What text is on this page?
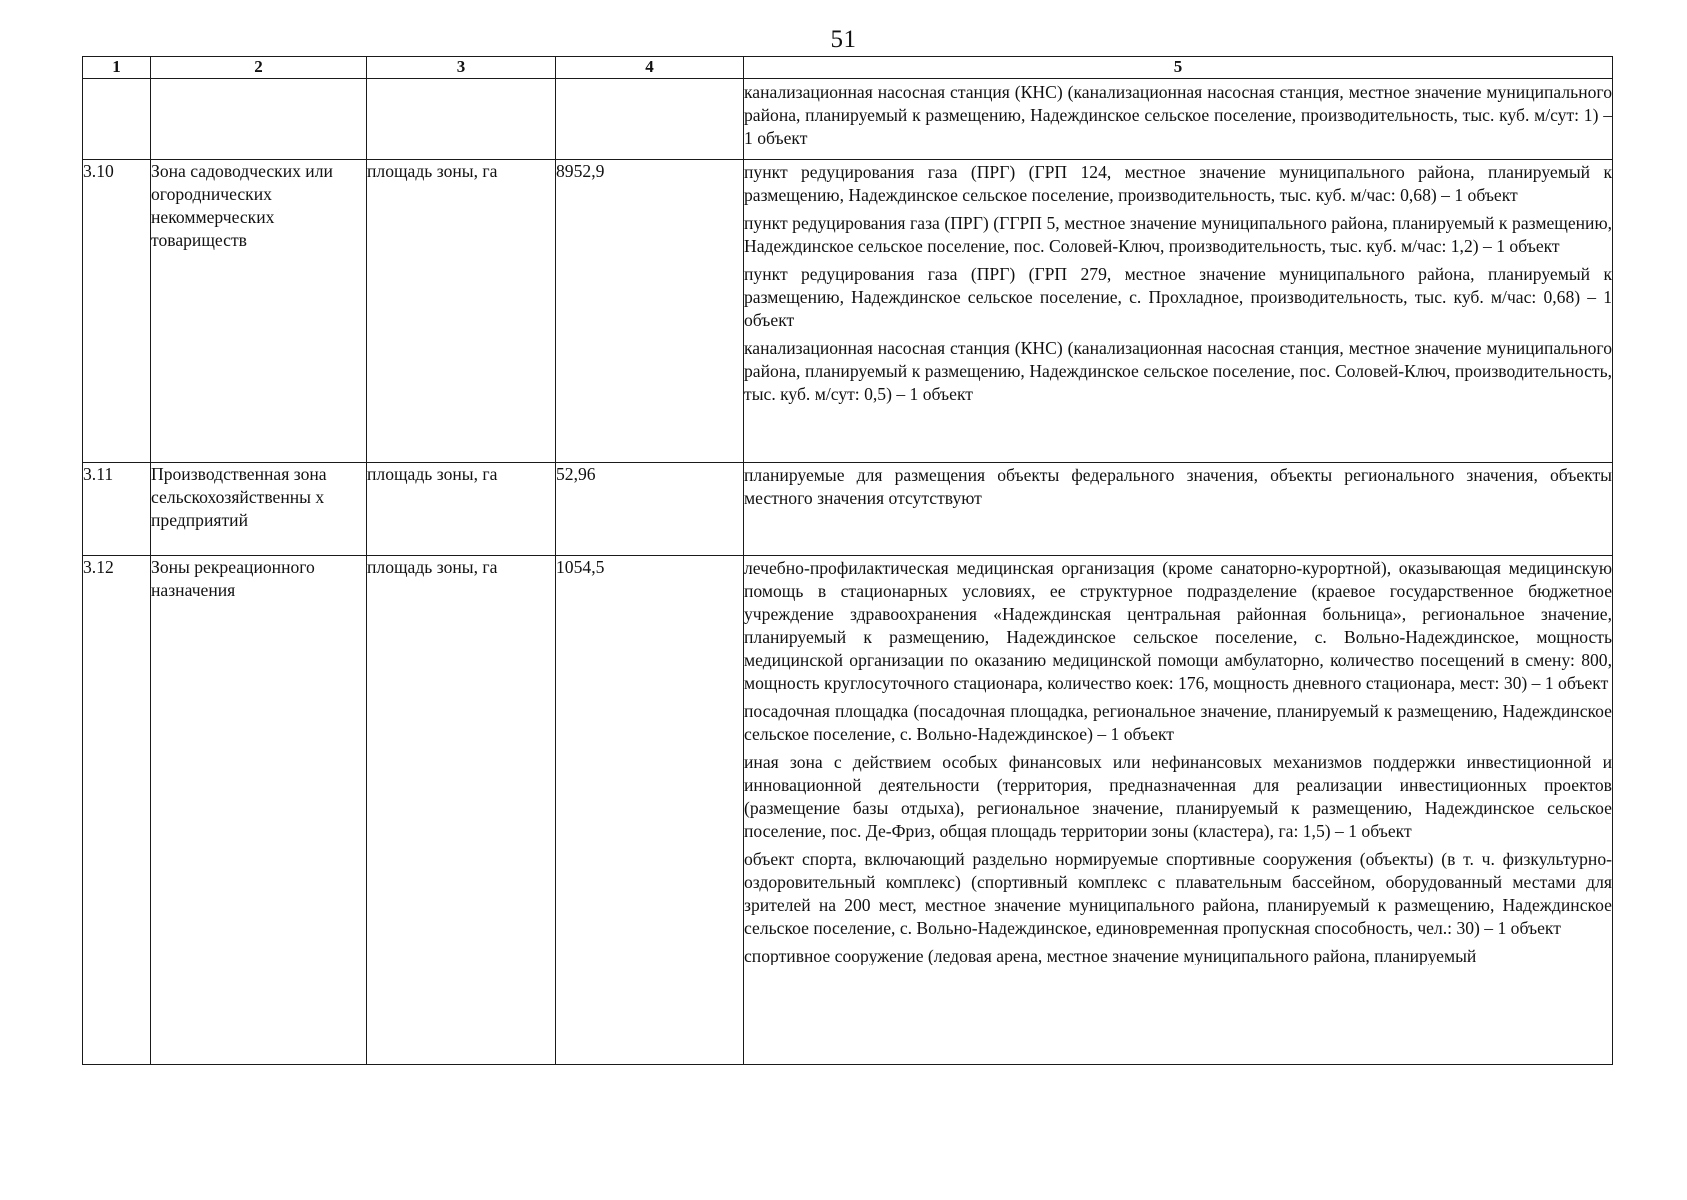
51
1	2	3	4	5

				канализационная насосная станция (КНС) (канализационная насосная станция, местное значение муниципального района, планируемый к размещению, Надеждинское сельское поселение, производительность, тыс. куб. м/сут: 1) – 1 объект

3.10	Зона садоводческих или огороднических некоммерческих товариществ	площадь зоны, га	8952,9	пункт редуцирования газа (ПРГ) (ГРП 124, местное значение муниципального района, планируемый к размещению, Надеждинское сельское поселение, производительность, тыс. куб. м/час: 0,68) – 1 объект
пункт редуцирования газа (ПРГ) (ГГРП 5, местное значение муниципального района, планируемый к размещению, Надеждинское сельское поселение, пос. Соловей-Ключ, производительность, тыс. куб. м/час: 1,2) – 1 объект
пункт редуцирования газа (ПРГ) (ГРП 279, местное значение муниципального района, планируемый к размещению, Надеждинское сельское поселение, с. Прохладное, производительность, тыс. куб. м/час: 0,68) – 1 объект
канализационная насосная станция (КНС) (канализационная насосная станция, местное значение муниципального района, планируемый к размещению, Надеждинское сельское поселение, пос. Соловей-Ключ, производительность, тыс. куб. м/сут: 0,5) – 1 объект

3.11	Производственная зона сельскохозяйственны х предприятий	площадь зоны, га	52,96	планируемые для размещения объекты федерального значения, объекты регионального значения, объекты местного значения отсутствуют

3.12	Зоны рекреационного назначения	площадь зоны, га	1054,5	лечебно-профилактическая медицинская организация (кроме санаторно-курортной), оказывающая медицинскую помощь в стационарных условиях, ее структурное подразделение (краевое государственное бюджетное учреждение здравоохранения «Надеждинская центральная районная больница», региональное значение, планируемый к размещению, Надеждинское сельское поселение, с. Вольно-Надеждинское, мощность медицинской организации по оказанию медицинской помощи амбулаторно, количество посещений в смену: 800, мощность круглосуточного стационара, количество коек: 176, мощность дневного стационара, мест: 30) – 1 объект
посадочная площадка (посадочная площадка, региональное значение, планируемый к размещению, Надеждинское сельское поселение, с. Вольно-Надеждинское) – 1 объект
иная зона с действием особых финансовых или нефинансовых механизмов поддержки инвестиционной и инновационной деятельности (территория, предназначенная для реализации инвестиционных проектов (размещение базы отдыха), региональное значение, планируемый к размещению, Надеждинское сельское поселение, пос. Де-Фриз, общая площадь территории зоны (кластера), га: 1,5) – 1 объект
объект спорта, включающий раздельно нормируемые спортивные сооружения (объекты) (в т. ч. физкультурно-оздоровительный комплекс) (спортивный комплекс с плавательным бассейном, оборудованный местами для зрителей на 200 мест, местное значение муниципального района, планируемый к размещению, Надеждинское сельское поселение, с. Вольно-Надеждинское, единовременная пропускная способность, чел.: 30) – 1 объект
спортивное сооружение (ледовая арена, местное значение муниципального района, планируемый
